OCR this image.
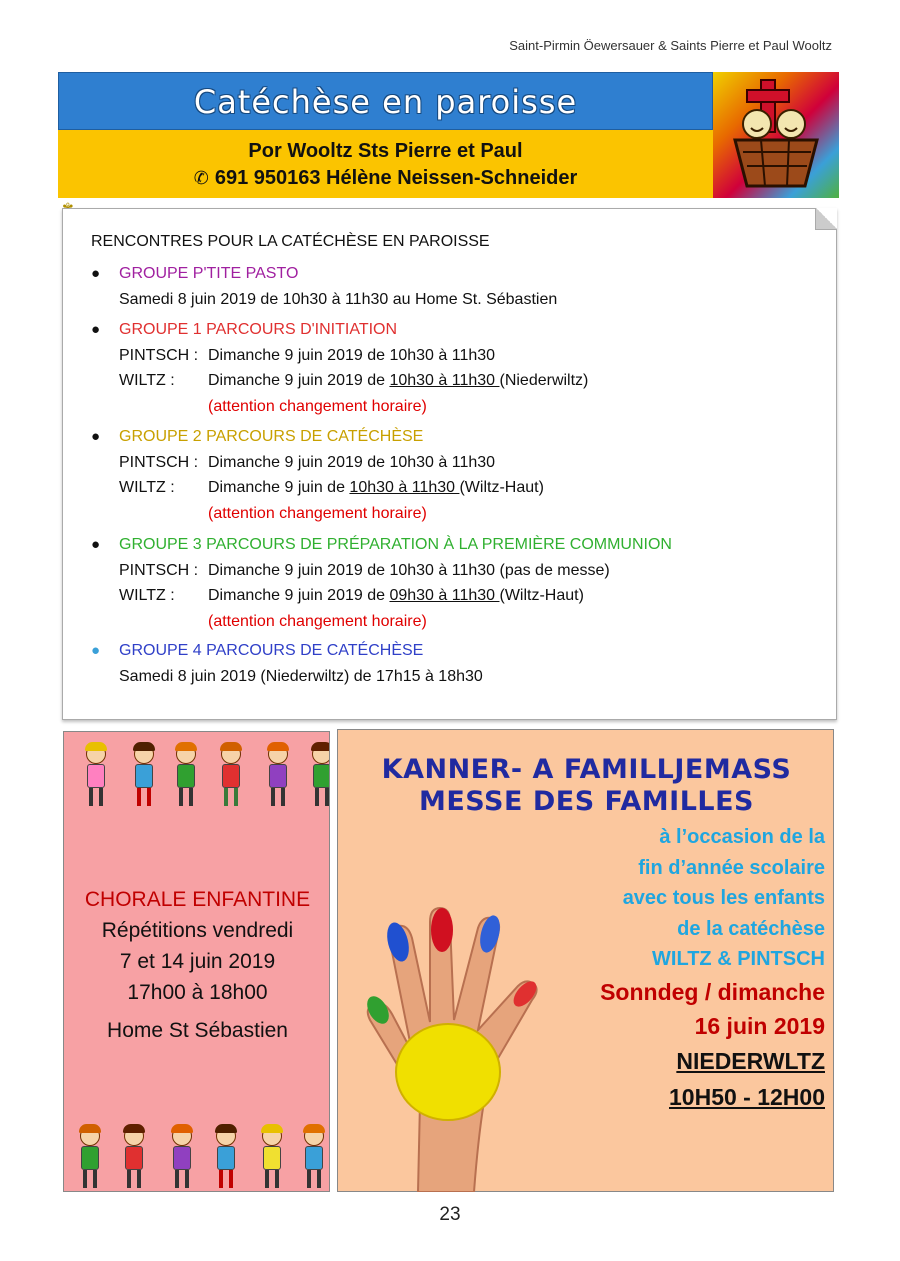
Saint-Pirmin Öewersauer & Saints Pierre et Paul Wooltz
Catéchèse en paroisse
Por Wooltz Sts Pierre et Paul
✆ 691 950163 Hélène Neissen-Schneider
RENCONTRES POUR LA CATÉCHÈSE EN PAROISSE
● GROUPE P'TITE PASTO
Samedi 8 juin 2019 de 10h30 à 11h30 au Home St. Sébastien
● GROUPE 1 PARCOURS D'INITIATION
PINTSCH : Dimanche 9 juin 2019 de 10h30 à 11h30
WILTZ : Dimanche 9 juin 2019 de 10h30 à 11h30 (Niederwiltz)
(attention changement horaire)
● GROUPE 2 PARCOURS DE CATÉCHÈSE
PINTSCH : Dimanche 9 juin 2019 de 10h30 à 11h30
WILTZ : Dimanche 9 juin de 10h30 à 11h30 (Wiltz-Haut)
(attention changement horaire)
● GROUPE 3 PARCOURS DE PRÉPARATION À LA PREMIÈRE COMMUNION
PINTSCH : Dimanche 9 juin 2019 de 10h30 à 11h30 (pas de messe)
WILTZ : Dimanche 9 juin 2019 de 09h30 à 11h30 (Wiltz-Haut)
(attention changement horaire)
● GROUPE 4 PARCOURS DE CATÉCHÈSE
Samedi 8 juin 2019 (Niederwiltz) de 17h15 à 18h30
CHORALE ENFANTINE
Répétitions vendredi
7 et 14 juin 2019
17h00 à 18h00
Home St Sébastien
KANNER- A FAMILLJEMASS
MESSE DES FAMILLES
à l’occasion de la
fin d’année scolaire
avec tous les enfants
de la catéchèse
WILTZ & PINTSCH
Sonndeg / dimanche
16 juin 2019
NIEDERWLTZ
10H50 - 12H00
23
